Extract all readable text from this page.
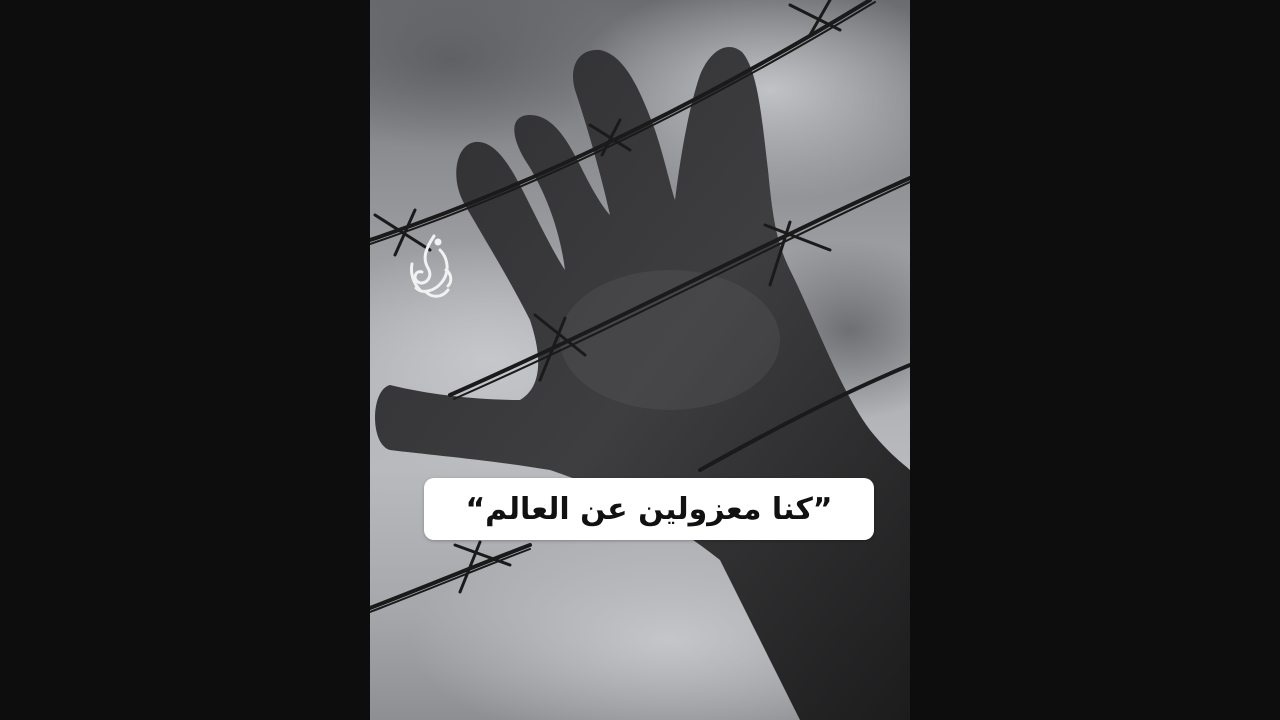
”كنا معزولين عن العالم“
